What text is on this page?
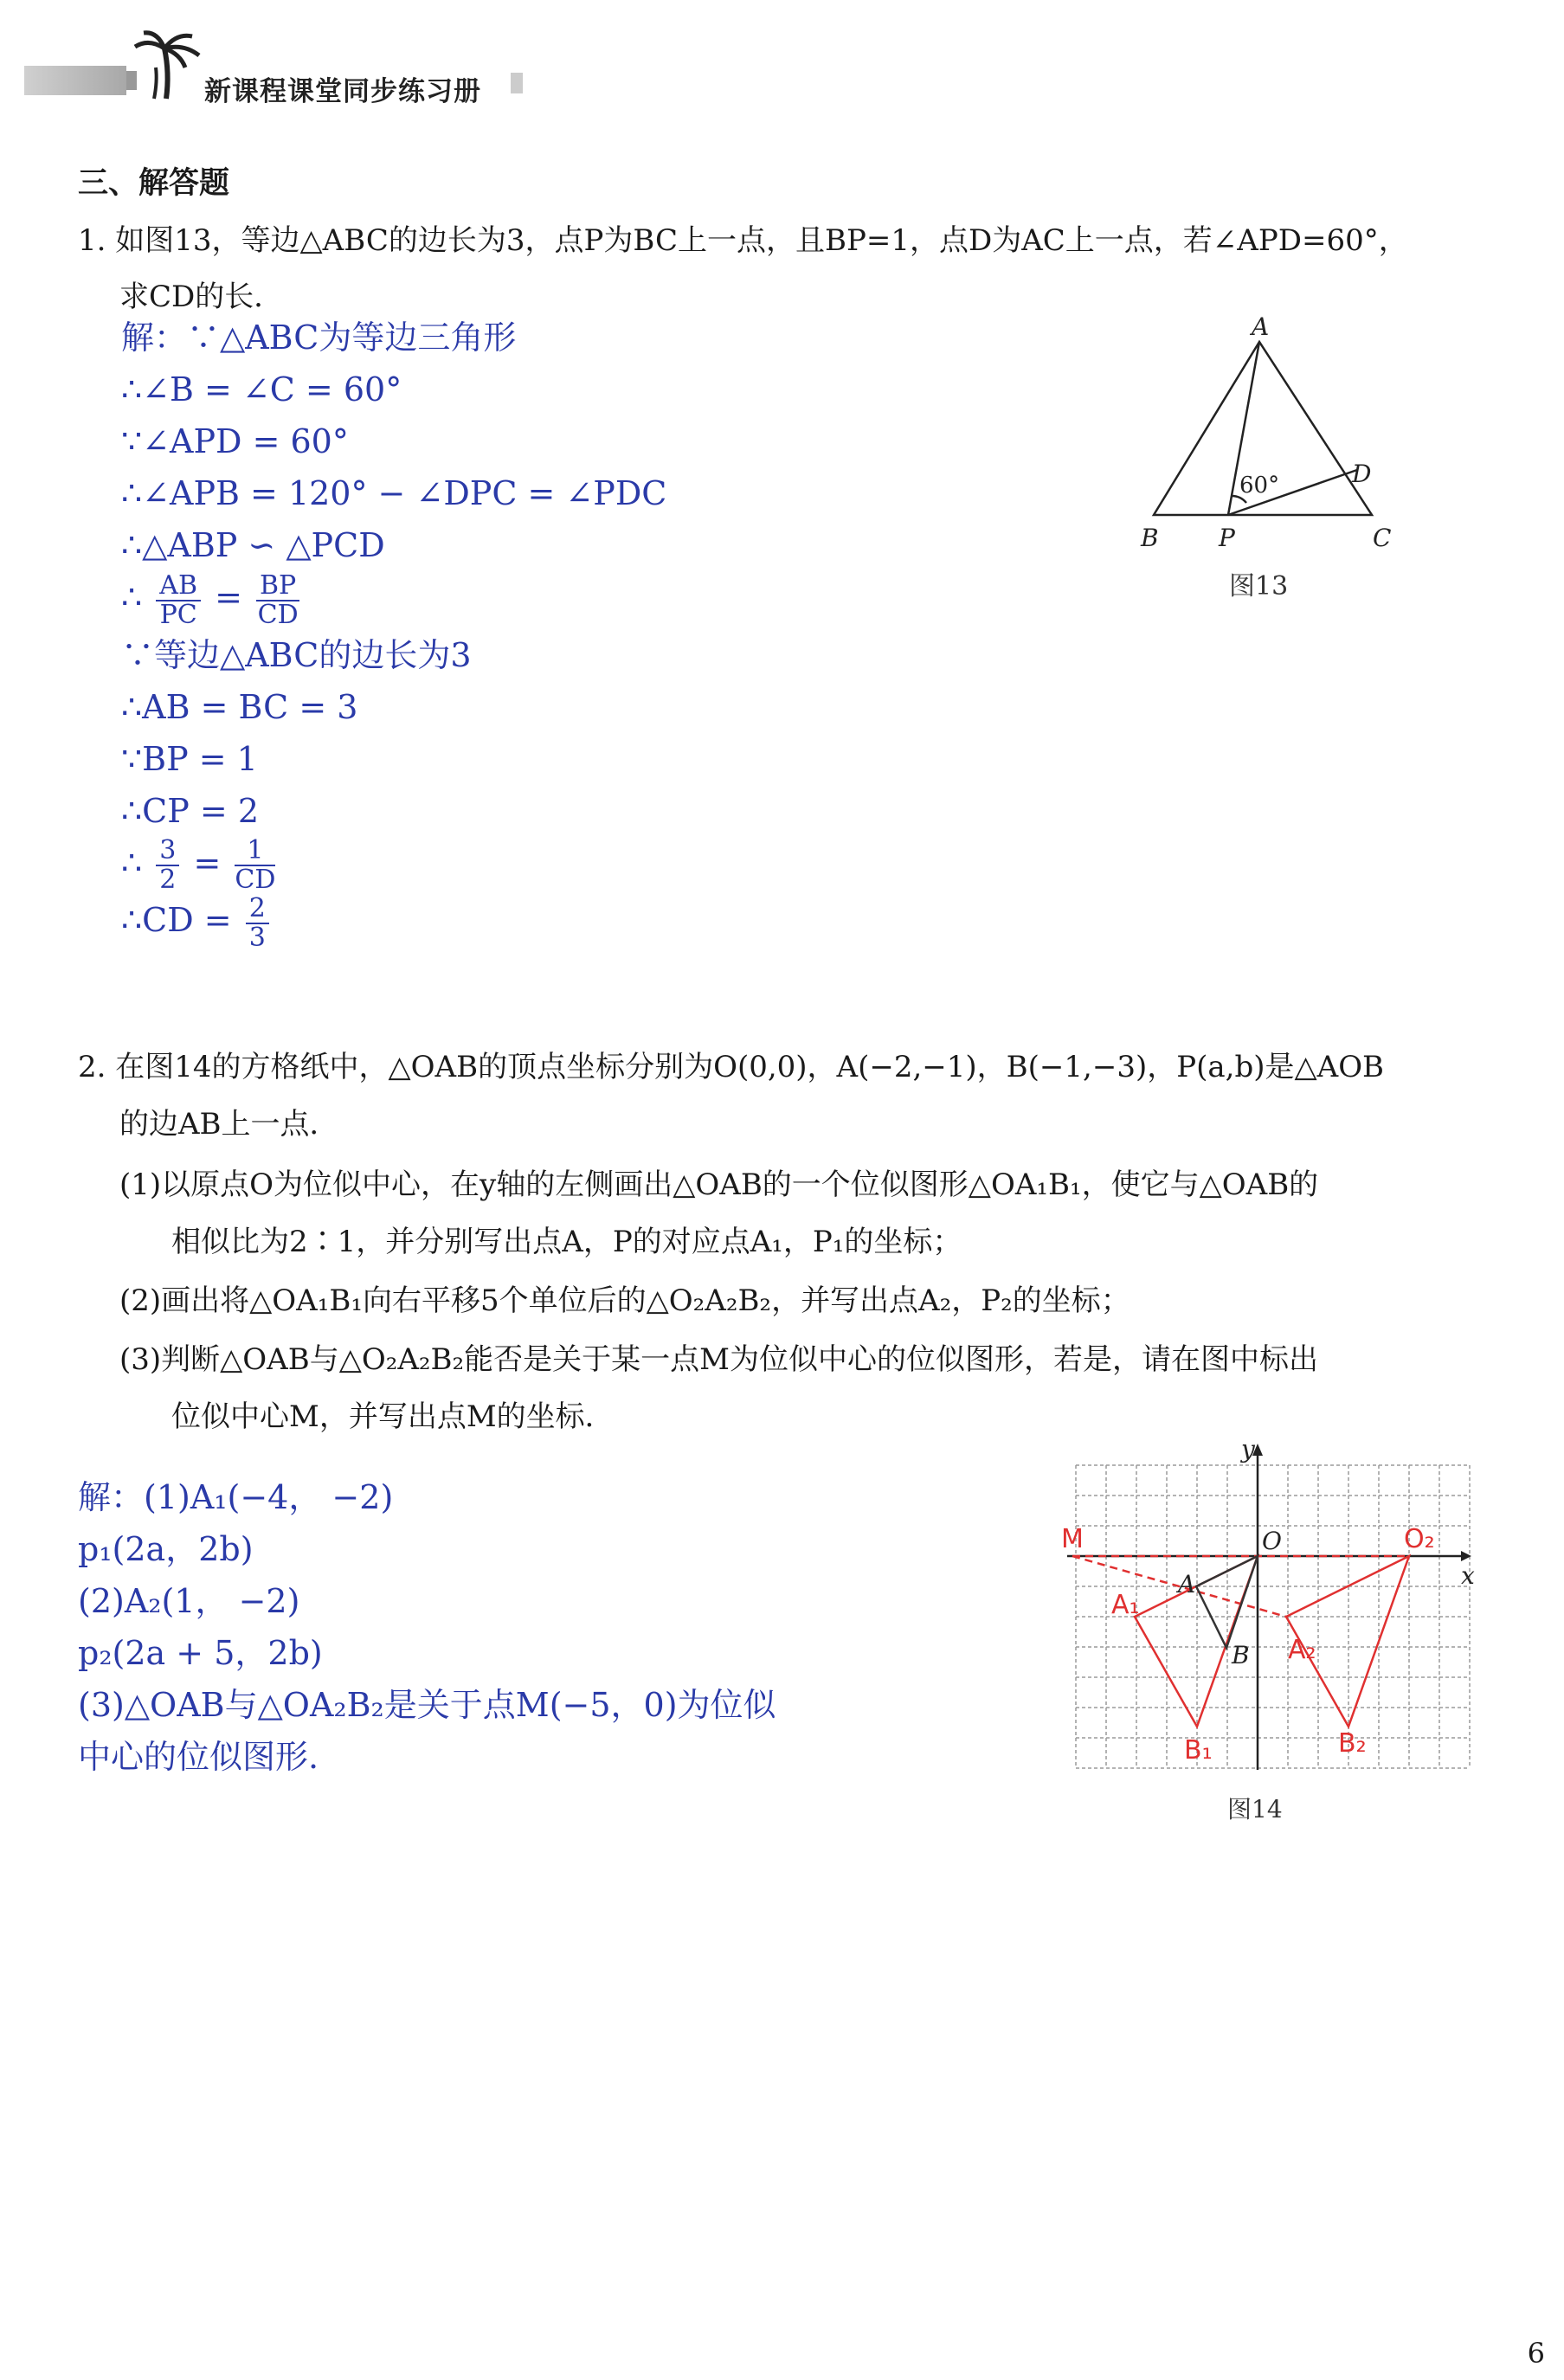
新课程课堂同步练习册
三、解答题
1. 如图13，等边△ABC的边长为3，点P为BC上一点，且BP=1，点D为AC上一点，若∠APD=60°，
求CD的长．
解：∵△ABC为等边三角形
∴∠B = ∠C = 60°
∵∠APD = 60°
∴∠APB = 120° − ∠DPC = ∠PDC
∴△ABP ∽ △PCD
∴ $\frac{AB}{PC} = \frac{BP}{CD}$
∵等边△ABC的边长为3
∴AB = BC = 3
∵BP = 1
∴CP = 2
∴ $\frac{3}{2} = \frac{1}{CD}$
∴CD = $\frac{2}{3}$
A
B P	C
D
60°
图13
2. 在图14的方格纸中，△OAB的顶点坐标分别为O(0,0)，A(−2,−1)，B(−1,−3)，P(a,b)是△AOB
的边AB上一点．
(1)以原点O为位似中心，在y轴的左侧画出△OAB的一个位似图形△OA₁B₁，使它与△OAB的
相似比为2∶1，并分别写出点A，P的对应点A₁，P₁的坐标；
(2)画出将△OA₁B₁向右平移5个单位后的△O₂A₂B₂，并写出点A₂，P₂的坐标；
(3)判断△OAB与△O₂A₂B₂能否是关于某一点M为位似中心的位似图形，若是，请在图中标出
位似中心M，并写出点M的坐标．
解：(1)A₁(−4， −2)
p₁(2a，2b)
(2)A₂(1， −2)
p₂(2a + 5，2b)
(3)△OAB与△OA₂B₂是关于点M(−5，0)为位似
中心的位似图形.
y
x
O
A
B
M	O₂
A₁
B₁
A₂
B₂
图14
6
